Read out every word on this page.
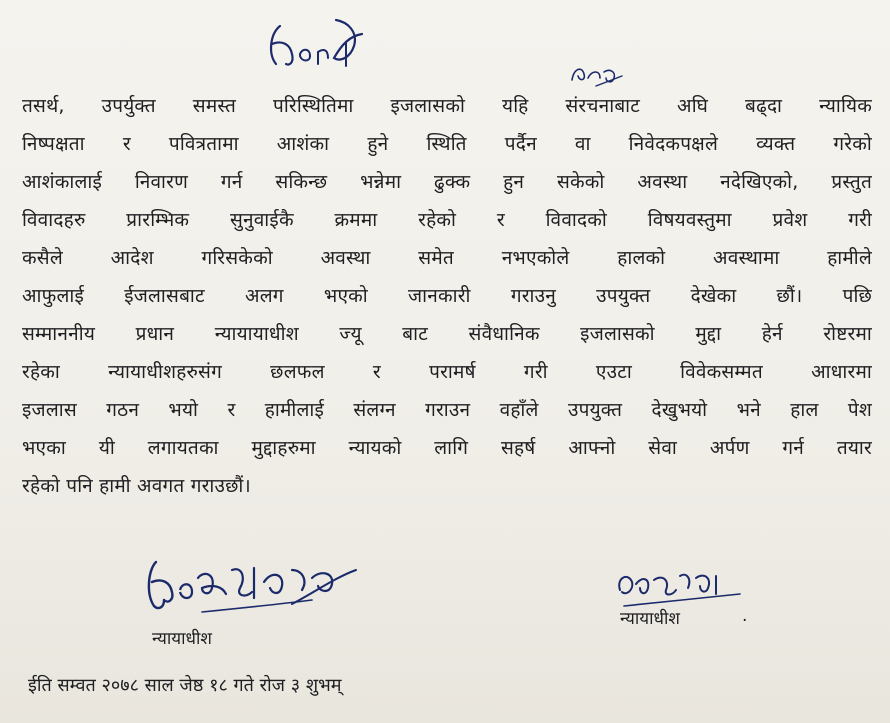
तसर्थ, उपर्युक्त समस्त परिस्थितिमा इजलासको यहि संरचनाबाट अघि बढ्दा न्यायिक
निष्पक्षता र पवित्रतामा आशंका हुने स्थिति पर्दैन वा निवेदकपक्षले व्यक्त गरेको
आशंकालाई निवारण गर्न सकिन्छ भन्नेमा ढुक्क हुन सकेको अवस्था नदेखिएको, प्रस्तुत
विवादहरु प्रारम्भिक सुनुवाईकै क्रममा रहेको र विवादको विषयवस्तुमा प्रवेश गरी
कसैले आदेश गरिसकेको अवस्था समेत नभएकोले हालको अवस्थामा हामीले
आफुलाई ईजलासबाट अलग भएको जानकारी गराउनु उपयुक्त देखेका छौं। पछि
सम्माननीय प्रधान न्यायायाधीश ज्यू बाट संवैधानिक इजलासको मुद्दा हेर्न रोष्टरमा
रहेका न्यायाधीशहरुसंग छलफल र परामर्ष गरी एउटा विवेकसम्मत आधारमा
इजलास गठन भयो र हामीलाई संलग्न गराउन वहाँले उपयुक्त देखुभयो भने हाल पेश
भएका यी लगायतका मुद्दाहरुमा न्यायको लागि सहर्ष आफ्नो सेवा अर्पण गर्न तयार
रहेको पनि हामी अवगत गराउछौं।
न्यायाधीश
न्यायाधीश	.
ईति सम्वत २०७८ साल जेष्ठ १८ गते रोज ३ शुभम्
